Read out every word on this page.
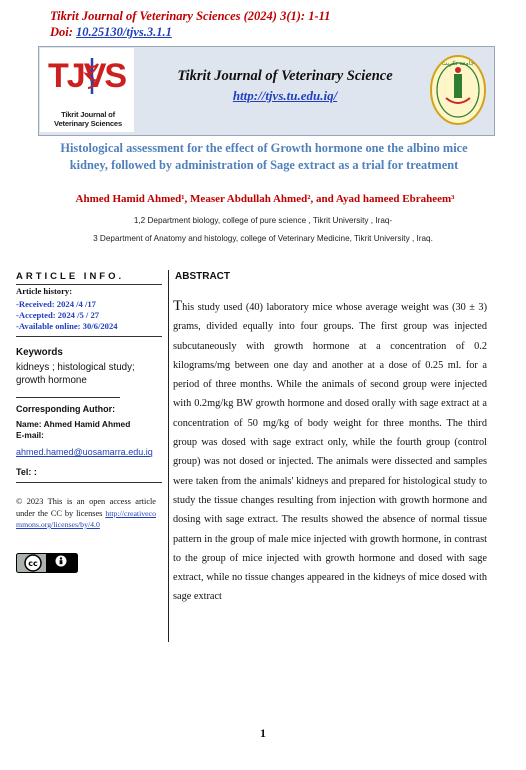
Tikrit Journal of Veterinary Sciences (2024) 3(1): 1-11
Doi: 10.25130/tjvs.3.1.1
TJVS
Tikrit Journal of Veterinary Sciences
Tikrit Journal of Veterinary Science
http://tjvs.tu.edu.iq/
جامعة تكريت
Histological assessment for the effect of Growth hormone one the albino mice kidney, followed by administration of Sage extract as a trial for treatment
Ahmed Hamid Ahmed¹, Measer Abdullah Ahmed², and Ayad hameed Ebraheem³
1,2 Department biology, college of pure science , Tikrit University , Iraq-
3 Department of Anatomy and histology, college of Veterinary Medicine, Tikrit University , Iraq.
ARTICLE INFO.
Article history:
-Received: 2024 /4 /17
-Accepted: 2024 /5 / 27
-Available online: 30/6/2024
Keywords
kidneys ; histological study; growth hormone
Corresponding Author:
Name: Ahmed Hamid Ahmed
E-mail:
ahmed.hamed@uosamarra.edu.iq
Tel: :
© 2023 This is an open access article under the CC by licenses http://creativecommons.org/licenses/by/4.0
cc
ABSTRACT
This study used (40) laboratory mice whose average weight was (30 ± 3) grams, divided equally into four groups. The first group was injected subcutaneously with growth hormone at a concentration of 0.2 kilograms/mg between one day and another at a dose of 0.25 ml. for a period of three months. While the animals of second group were injected with 0.2mg/kg BW growth hormone and dosed orally with sage extract at a concentration of 50 mg/kg of body weight for three months. The third group was dosed with sage extract only, while the fourth group (control group) was not dosed or injected. The animals were dissected and samples were taken from the animals' kidneys and prepared for histological study to study the tissue changes resulting from injection with growth hormone and dosing with sage extract. The results showed the absence of normal tissue pattern in the group of male mice injected with growth hormone, in contrast to the group of mice injected with growth hormone and dosed with sage extract, while no tissue changes appeared in the kidneys of mice dosed with sage extract
1
